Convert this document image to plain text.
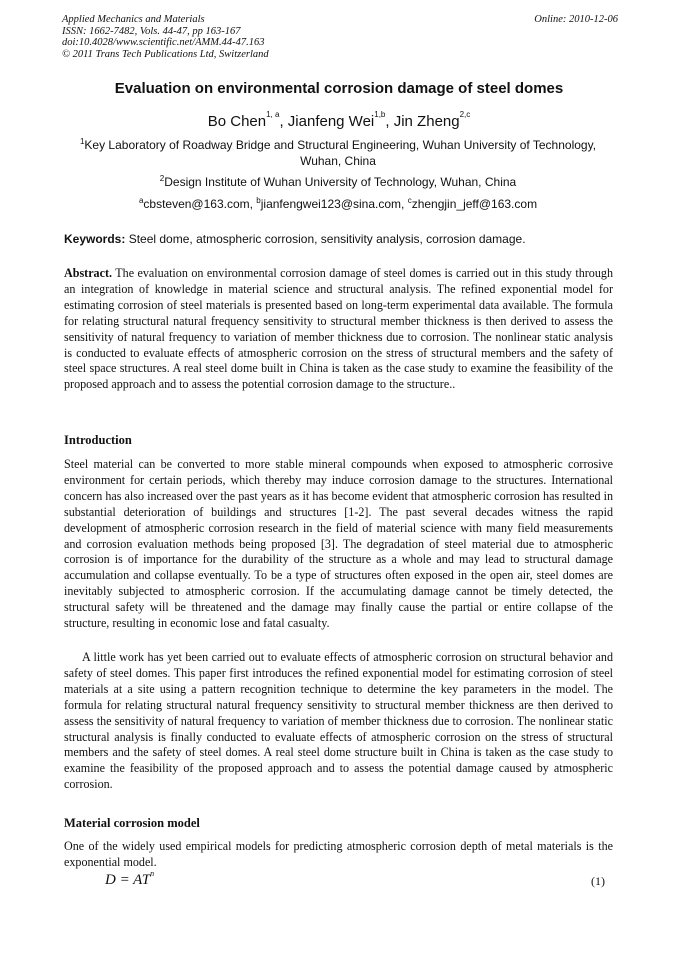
Applied Mechanics and Materials
ISSN: 1662-7482, Vols. 44-47, pp 163-167
doi:10.4028/www.scientific.net/AMM.44-47.163
© 2011 Trans Tech Publications Ltd, Switzerland
Online: 2010-12-06
Evaluation on environmental corrosion damage of steel domes
Bo Chen$^{1, a}$, Jianfeng Wei$^{1,b}$, Jin Zheng$^{2,c}$
$^1$Key Laboratory of Roadway Bridge and Structural Engineering, Wuhan University of Technology, Wuhan, China
$^2$Design Institute of Wuhan University of Technology, Wuhan, China
$^a$cbsteven@163.com, $^b$jianfengwei123@sina.com, $^c$zhengjin_jeff@163.com
Keywords: Steel dome, atmospheric corrosion, sensitivity analysis, corrosion damage.
Abstract. The evaluation on environmental corrosion damage of steel domes is carried out in this study through an integration of knowledge in material science and structural analysis. The refined exponential model for estimating corrosion of steel materials is presented based on long-term experimental data available. The formula for relating structural natural frequency sensitivity to structural member thickness is then derived to assess the sensitivity of natural frequency to variation of member thickness due to corrosion. The nonlinear static analysis is conducted to evaluate effects of atmospheric corrosion on the stress of structural members and the safety of steel space structures. A real steel dome built in China is taken as the case study to examine the feasibility of the proposed approach and to assess the potential corrosion damage to the structure..
Introduction
Steel material can be converted to more stable mineral compounds when exposed to atmospheric corrosive environment for certain periods, which thereby may induce corrosion damage to the structures. International concern has also increased over the past years as it has become evident that atmospheric corrosion has resulted in substantial deterioration of buildings and structures [1-2]. The past several decades witness the rapid development of atmospheric corrosion research in the field of material science with many field measurements and corrosion evaluation methods being proposed [3]. The degradation of steel material due to atmospheric corrosion is of importance for the durability of the structure as a whole and may lead to structural damage accumulation and collapse eventually. To be a type of structures often exposed in the open air, steel domes are inevitably subjected to atmospheric corrosion. If the accumulating damage cannot be timely detected, the structural safety will be threatened and the damage may finally cause the partial or entire collapse of the structure, resulting in economic lose and fatal casualty.
A little work has yet been carried out to evaluate effects of atmospheric corrosion on structural behavior and safety of steel domes. This paper first introduces the refined exponential model for estimating corrosion of steel materials at a site using a pattern recognition technique to determine the key parameters in the model. The formula for relating structural natural frequency sensitivity to structural member thickness are then derived to assess the sensitivity of natural frequency to variation of member thickness due to corrosion. The nonlinear static structural analysis is finally conducted to evaluate effects of atmospheric corrosion on the stress of structural members and the safety of steel domes. A real steel dome structure built in China is taken as the case study to examine the feasibility of the proposed approach and to assess the potential damage caused by atmospheric corrosion.
Material corrosion model
One of the widely used empirical models for predicting atmospheric corrosion depth of metal materials is the exponential model.
$D = AT^n$
(1)
